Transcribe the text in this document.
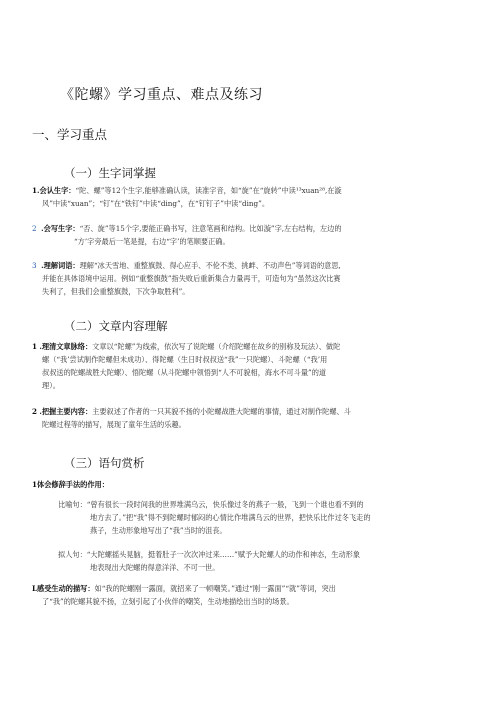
《陀螺》学习重点、难点及练习
一、学习重点
（一）生字词掌握
1.会认生字：“陀、螺”等12个生字,能够准确认读，读准字音，如“旋”在“旋转”中读¹³xuan²⁸,在漩
风”中读“xuan”；“钉”在“铁钉”中读“ding”，在“钉钉子”中读“ding”。
2 .会写生字：“否、旋”等15个字,要能正确书写，注意笔画和结构。比如漩”字,左右结构，左边的
“方’字旁最后一笔是提，右边“字’的笔顺要正确。
3 .理解词语：理解“冰天雪地、重整旗鼓、得心应手、不伦不类、挑衅、不动声色”等词语的意思,
并能在具体语境中运用。例如“重整旗鼓”指失败后重新集合力量再干，可造句为“虽然这次比赛
失利了，但我们会重整旗鼓，下次争取胜利”。
（二）文章内容理解
1 .理清文章脉络：文章以“陀螺”为线索，依次写了说陀螺（介绍陀螺在故乡的别称及玩法）、做陀
螺（“我’尝试制作陀螺但未成功）、得陀螺（生日时叔叔送“我”一只陀螺）、斗陀螺（“我’用
叔叔送的陀螺战胜大陀螺）、悟陀螺（从斗陀螺中领悟到“人不可貌相，海水不可斗量”的道
理）。
2 .把握主要内容：主要叙述了作者的一只其貌不扬的小陀螺战胜大陀螺的事情，通过对制作陀螺、斗
陀螺过程等的描写，展现了童年生活的乐趣。
（三）语句赏析
1体会修辞手法的作用：
比喻句：“曾有很长一段时间我的世界堆满乌云，快乐像过冬的燕子一般，飞到一个谁也看不到的
地方去了。”把“我”得不到陀螺时郁闷的心情比作堆满乌云的世界，把快乐比作过冬飞走的
燕子，生动形象地写出了“我”当时的沮丧。
拟人句：“大陀螺摇头晃脑，挺着肚子一次次冲过来……”赋予大陀螺人的动作和神态，生动形象
地表现出大陀螺的得意洋洋、不可一世。
L感受生动的描写：如“我的陀螺刚一露面，就招来了一顿嘲笑。”通过“刚一露面”“就”等词，突出
了“我”的陀螺其貌不扬，立刻引起了小伙伴的嘲笑，生动地描绘出当时的场景。
